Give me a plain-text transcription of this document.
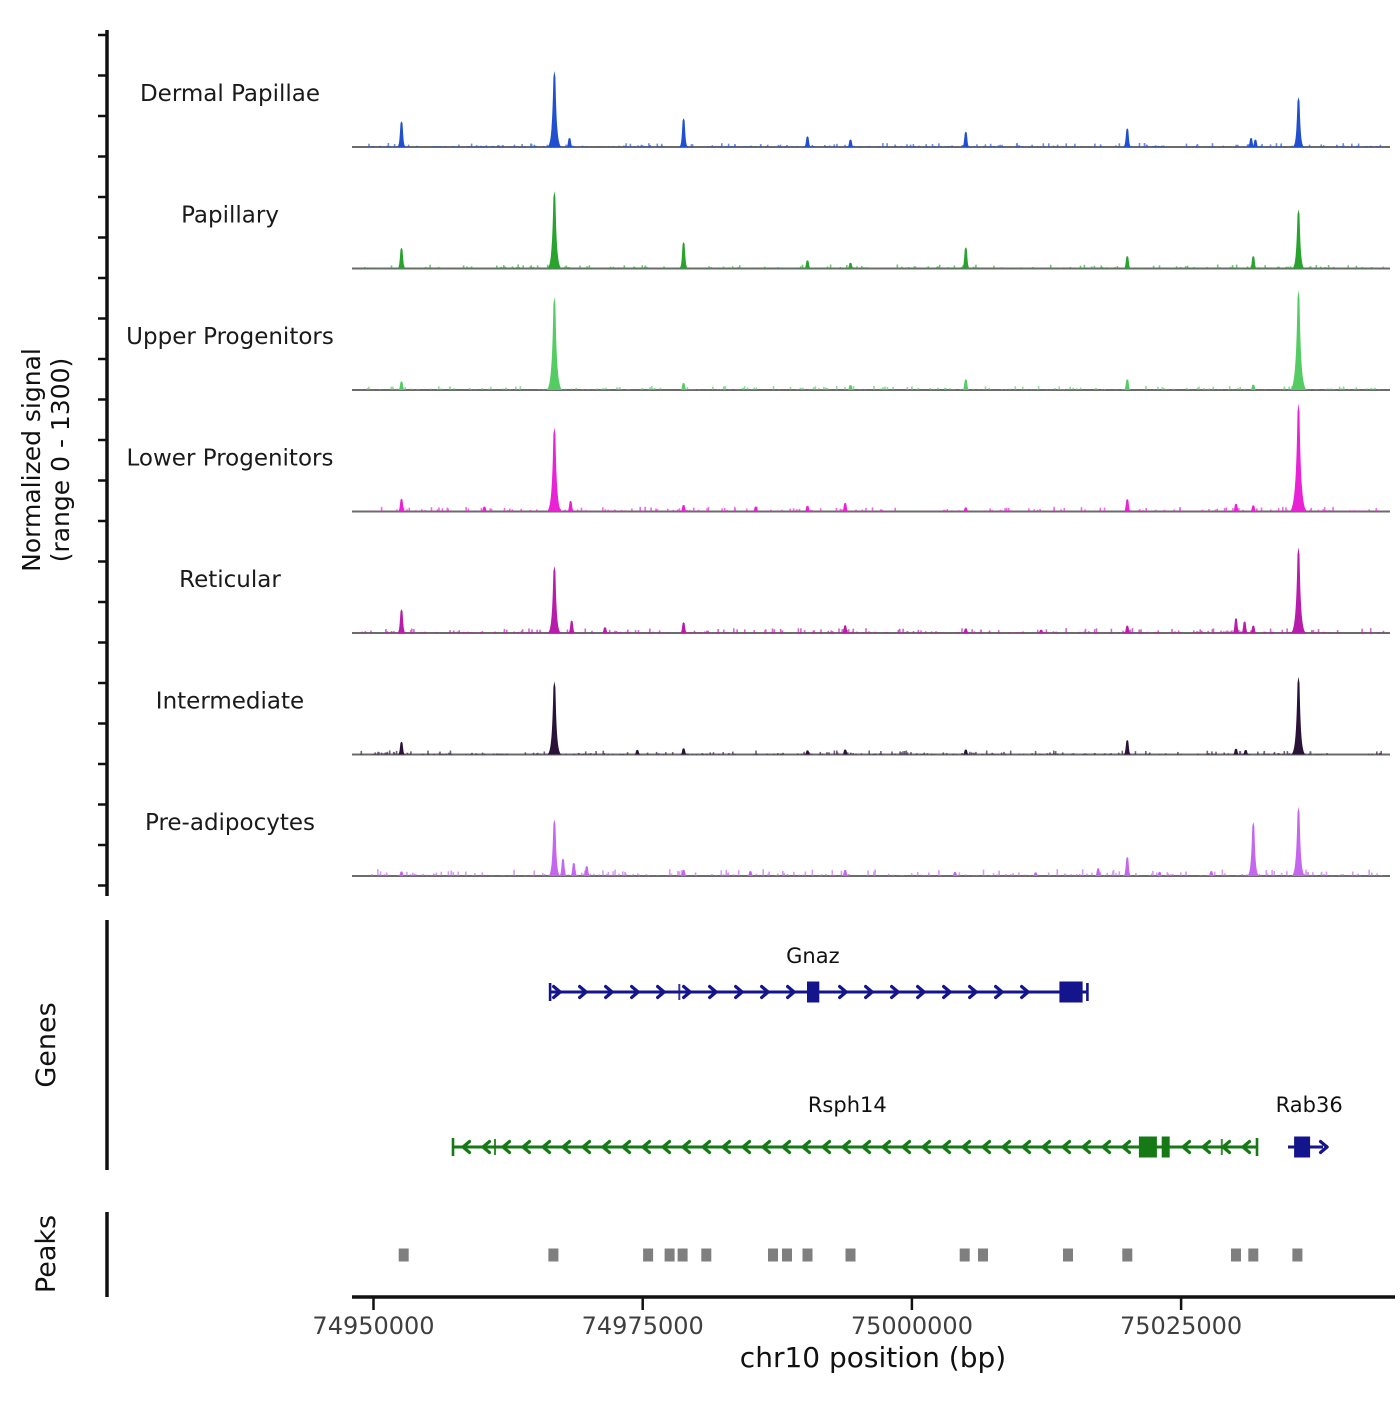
Normalized signal (range 0 - 1300)
Dermal Papillae
Papillary
Upper Progenitors
Lower Progenitors
Reticular
Intermediate
Pre-adipocytes
Genes
Gnaz
Rsph14	Rab36
Peaks
74950000	74975000	75000000	75025000
chr10 position (bp)
